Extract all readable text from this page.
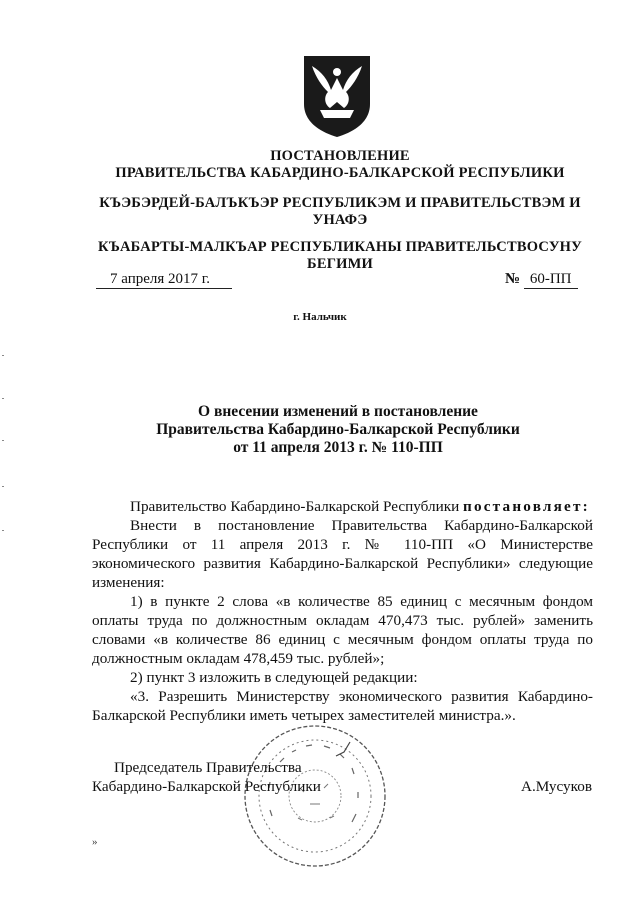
ПОСТАНОВЛЕНИЕ
ПРАВИТЕЛЬСТВА КАБАРДИНО-БАЛКАРСКОЙ РЕСПУБЛИКИ
КЪЭБЭРДЕЙ-БАЛЪКЪЭР РЕСПУБЛИКЭМ И ПРАВИТЕЛЬСТВЭМ И
УНАФЭ
КЪАБАРТЫ-МАЛКЪАР РЕСПУБЛИКАНЫ ПРАВИТЕЛЬСТВОСУНУ
БЕГИМИ
7 апреля 2017 г.	№ 60-ПП
г. Нальчик
О внесении изменений в постановление
Правительства Кабардино-Балкарской Республики
от 11 апреля 2013 г. № 110-ПП

Правительство Кабардино-Балкарской Республики постановляет:

Внести в постановление Правительства Кабардино-Балкарской Республики от 11 апреля 2013 г. № 110-ПП «О Министерстве экономического развития Кабардино-Балкарской Республики» следующие изменения:

1) в пункте 2 слова «в количестве 85 единиц с месячным фондом оплаты труда по должностным окладам 470,473 тыс. рублей» заменить словами «в количестве 86 единиц с месячным фондом оплаты труда по должностным окладам 478,459 тыс. рублей»;

2) пункт 3 изложить в следующей редакции:

«3. Разрешить Министерству экономического развития Кабардино-Балкарской Республики иметь четырех заместителей министра.».

Председатель Правительства
Кабардино-Балкарской Республики	А.Мусуков
»
